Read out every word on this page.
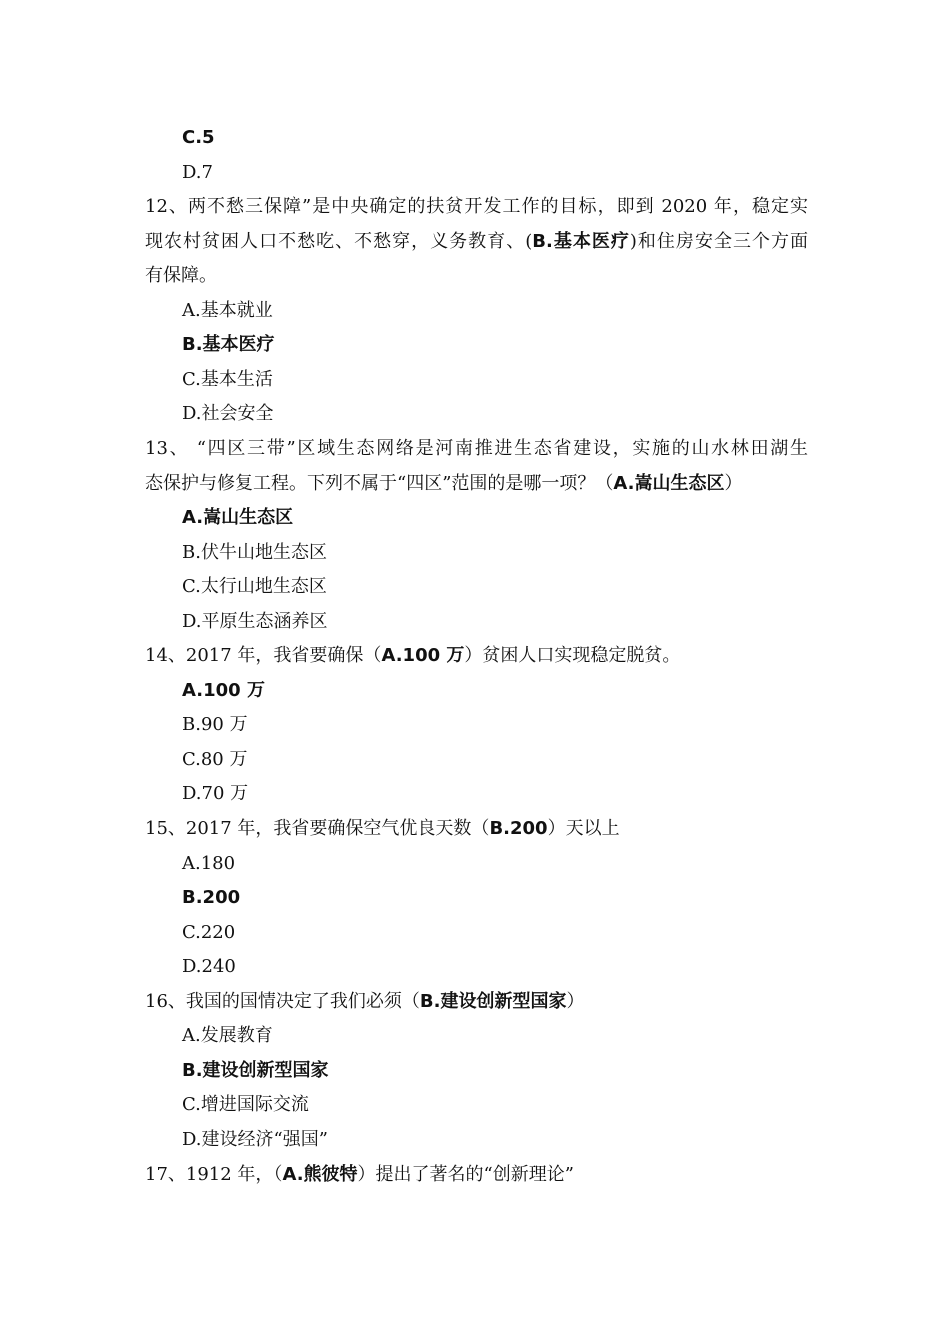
C.5
D.7
12、两不愁三保障”是中央确定的扶贫开发工作的目标，即到 2020 年，稳定实
现农村贫困人口不愁吃、不愁穿，义务教育、(B.基本医疗)和住房安全三个方面
有保障。
A.基本就业
B.基本医疗
C.基本生活
D.社会安全
13、 “四区三带”区域生态网络是河南推进生态省建设，实施的山水林田湖生
态保护与修复工程。下列不属于“四区”范围的是哪一项？（A.嵩山生态区）
A.嵩山生态区
B.伏牛山地生态区
C.太行山地生态区
D.平原生态涵养区
14、2017 年，我省要确保（A.100 万）贫困人口实现稳定脱贫。
A.100 万
B.90 万
C.80 万
D.70 万
15、2017 年，我省要确保空气优良天数（B.200）天以上
A.180
B.200
C.220
D.240
16、我国的国情决定了我们必须（B.建设创新型国家）
A.发展教育
B.建设创新型国家
C.增进国际交流
D.建设经济“强国”
17、1912 年，（A.熊彼特）提出了著名的“创新理论”
